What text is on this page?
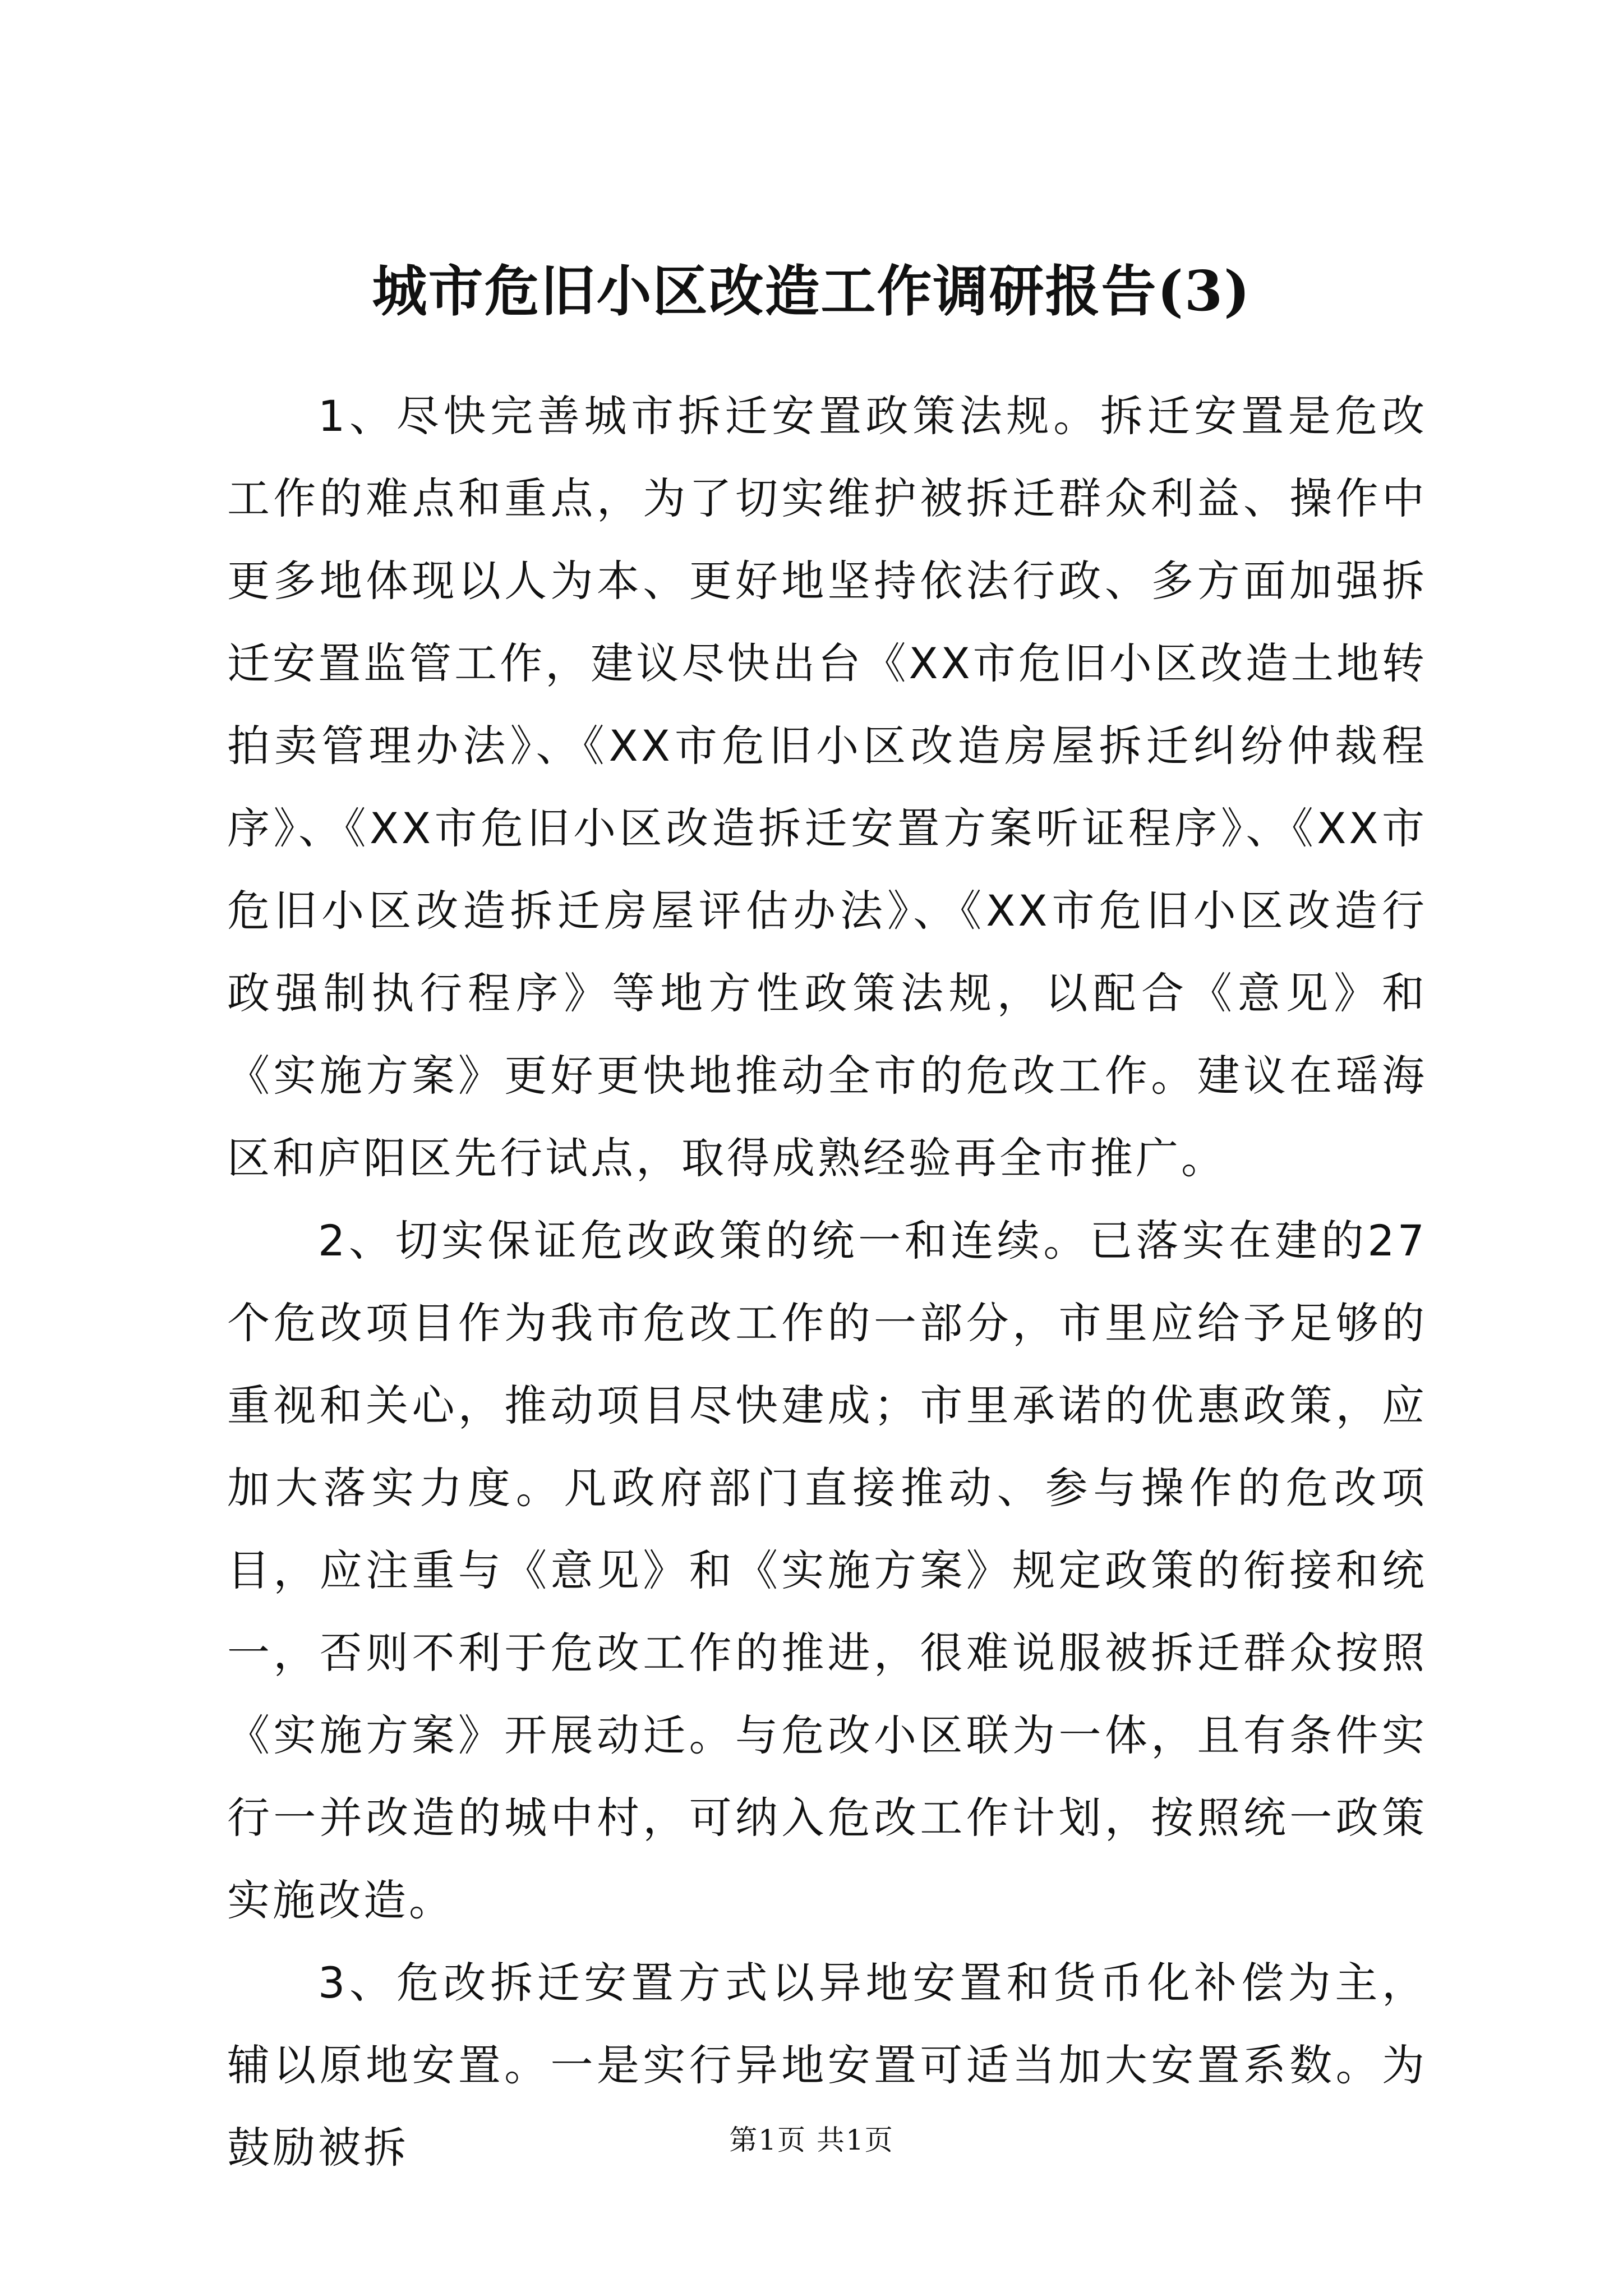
城市危旧小区改造工作调研报告(3)

1、尽快完善城市拆迁安置政策法规。拆迁安置是危改工作的难点和重点，为了切实维护被拆迁群众利益、操作中更多地体现以人为本、更好地坚持依法行政、多方面加强拆迁安置监管工作，建议尽快出台《XX市危旧小区改造土地转拍卖管理办法》、《XX市危旧小区改造房屋拆迁纠纷仲裁程序》、《XX市危旧小区改造拆迁安置方案听证程序》、《XX市危旧小区改造拆迁房屋评估办法》、《XX市危旧小区改造行政强制执行程序》等地方性政策法规，以配合《意见》和《实施方案》更好更快地推动全市的危改工作。建议在瑶海区和庐阳区先行试点，取得成熟经验再全市推广。

2、切实保证危改政策的统一和连续。已落实在建的27个危改项目作为我市危改工作的一部分，市里应给予足够的重视和关心，推动项目尽快建成；市里承诺的优惠政策，应加大落实力度。凡政府部门直接推动、参与操作的危改项目，应注重与《意见》和《实施方案》规定政策的衔接和统一，否则不利于危改工作的推进，很难说服被拆迁群众按照《实施方案》开展动迁。与危改小区联为一体，且有条件实行一并改造的城中村，可纳入危改工作计划，按照统一政策实施改造。

3、危改拆迁安置方式以异地安置和货币化补偿为主，辅以原地安置。一是实行异地安置可适当加大安置系数。为鼓励被拆	第1页 共1页
